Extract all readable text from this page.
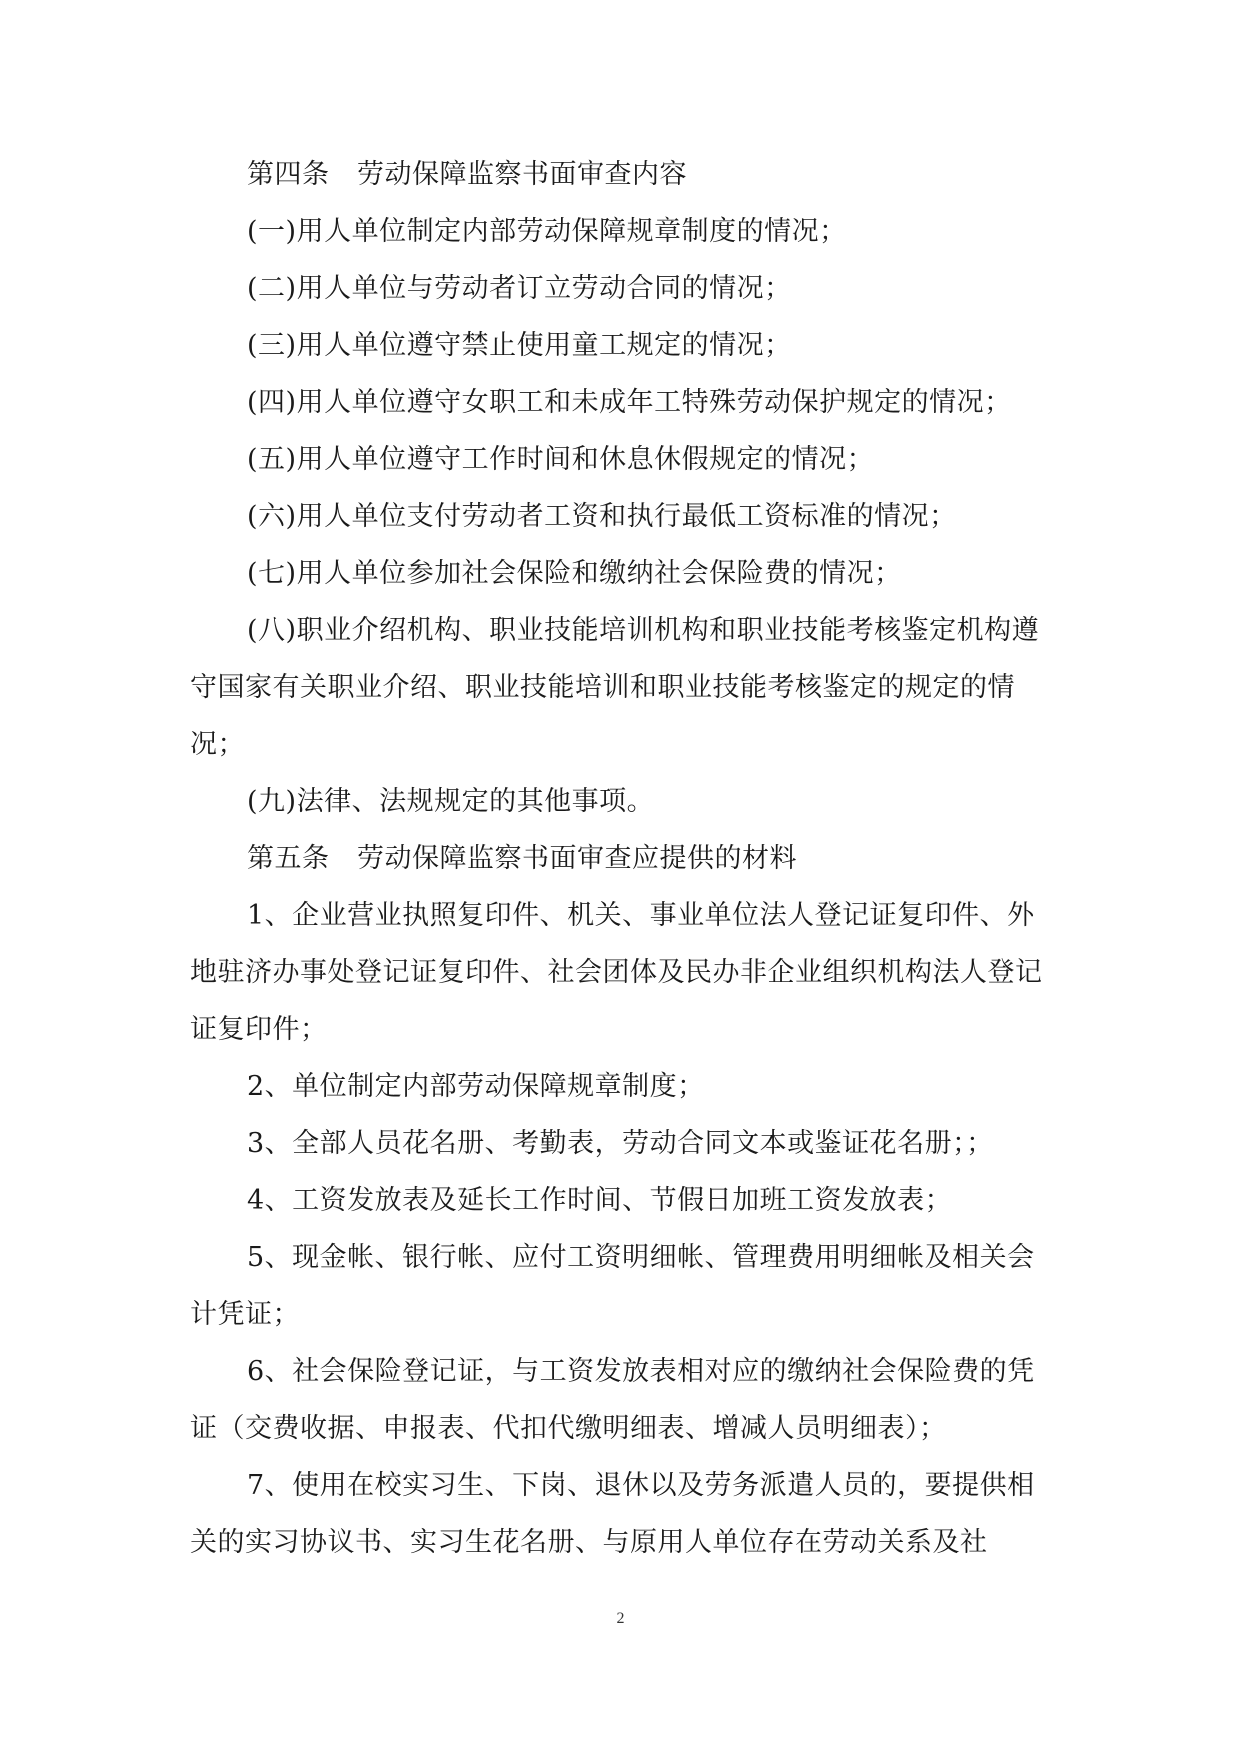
第四条　劳动保障监察书面审查内容

(一)用人单位制定内部劳动保障规章制度的情况；

(二)用人单位与劳动者订立劳动合同的情况；

(三)用人单位遵守禁止使用童工规定的情况；

(四)用人单位遵守女职工和未成年工特殊劳动保护规定的情况；

(五)用人单位遵守工作时间和休息休假规定的情况；

(六)用人单位支付劳动者工资和执行最低工资标准的情况；

(七)用人单位参加社会保险和缴纳社会保险费的情况；

(八)职业介绍机构、职业技能培训机构和职业技能考核鉴定机构遵守国家有关职业介绍、职业技能培训和职业技能考核鉴定的规定的情况；

(九)法律、法规规定的其他事项。

第五条　劳动保障监察书面审查应提供的材料

1、企业营业执照复印件、机关、事业单位法人登记证复印件、外地驻济办事处登记证复印件、社会团体及民办非企业组织机构法人登记证复印件；

2、单位制定内部劳动保障规章制度；

3、全部人员花名册、考勤表，劳动合同文本或鉴证花名册；；

4、工资发放表及延长工作时间、节假日加班工资发放表；

5、现金帐、银行帐、应付工资明细帐、管理费用明细帐及相关会计凭证；

6、社会保险登记证，与工资发放表相对应的缴纳社会保险费的凭证（交费收据、申报表、代扣代缴明细表、增减人员明细表）；

7、使用在校实习生、下岗、退休以及劳务派遣人员的，要提供相关的实习协议书、实习生花名册、与原用人单位存在劳动关系及社

2
